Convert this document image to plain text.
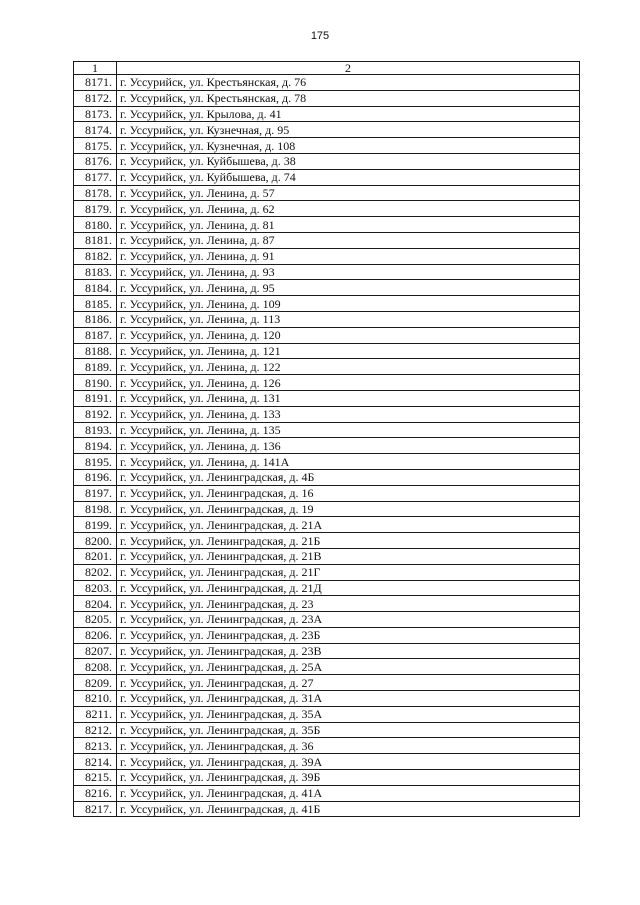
175
1	2
8171.	г. Уссурийск, ул. Крестьянская, д. 76
8172.	г. Уссурийск, ул. Крестьянская, д. 78
8173.	г. Уссурийск, ул. Крылова, д. 41
8174.	г. Уссурийск, ул. Кузнечная, д. 95
8175.	г. Уссурийск, ул. Кузнечная, д. 108
8176.	г. Уссурийск, ул. Куйбышева, д. 38
8177.	г. Уссурийск, ул. Куйбышева, д. 74
8178.	г. Уссурийск, ул. Ленина, д. 57
8179.	г. Уссурийск, ул. Ленина, д. 62
8180.	г. Уссурийск, ул. Ленина, д. 81
8181.	г. Уссурийск, ул. Ленина, д. 87
8182.	г. Уссурийск, ул. Ленина, д. 91
8183.	г. Уссурийск, ул. Ленина, д. 93
8184.	г. Уссурийск, ул. Ленина, д. 95
8185.	г. Уссурийск, ул. Ленина, д. 109
8186.	г. Уссурийск, ул. Ленина, д. 113
8187.	г. Уссурийск, ул. Ленина, д. 120
8188.	г. Уссурийск, ул. Ленина, д. 121
8189.	г. Уссурийск, ул. Ленина, д. 122
8190.	г. Уссурийск, ул. Ленина, д. 126
8191.	г. Уссурийск, ул. Ленина, д. 131
8192.	г. Уссурийск, ул. Ленина, д. 133
8193.	г. Уссурийск, ул. Ленина, д. 135
8194.	г. Уссурийск, ул. Ленина, д. 136
8195.	г. Уссурийск, ул. Ленина, д. 141А
8196.	г. Уссурийск, ул. Ленинградская, д. 4Б
8197.	г. Уссурийск, ул. Ленинградская, д. 16
8198.	г. Уссурийск, ул. Ленинградская, д. 19
8199.	г. Уссурийск, ул. Ленинградская, д. 21А
8200.	г. Уссурийск, ул. Ленинградская, д. 21Б
8201.	г. Уссурийск, ул. Ленинградская, д. 21В
8202.	г. Уссурийск, ул. Ленинградская, д. 21Г
8203.	г. Уссурийск, ул. Ленинградская, д. 21Д
8204.	г. Уссурийск, ул. Ленинградская, д. 23
8205.	г. Уссурийск, ул. Ленинградская, д. 23А
8206.	г. Уссурийск, ул. Ленинградская, д. 23Б
8207.	г. Уссурийск, ул. Ленинградская, д. 23В
8208.	г. Уссурийск, ул. Ленинградская, д. 25А
8209.	г. Уссурийск, ул. Ленинградская, д. 27
8210.	г. Уссурийск, ул. Ленинградская, д. 31А
8211.	г. Уссурийск, ул. Ленинградская, д. 35А
8212.	г. Уссурийск, ул. Ленинградская, д. 35Б
8213.	г. Уссурийск, ул. Ленинградская, д. 36
8214.	г. Уссурийск, ул. Ленинградская, д. 39А
8215.	г. Уссурийск, ул. Ленинградская, д. 39Б
8216.	г. Уссурийск, ул. Ленинградская, д. 41А
8217.	г. Уссурийск, ул. Ленинградская, д. 41Б
